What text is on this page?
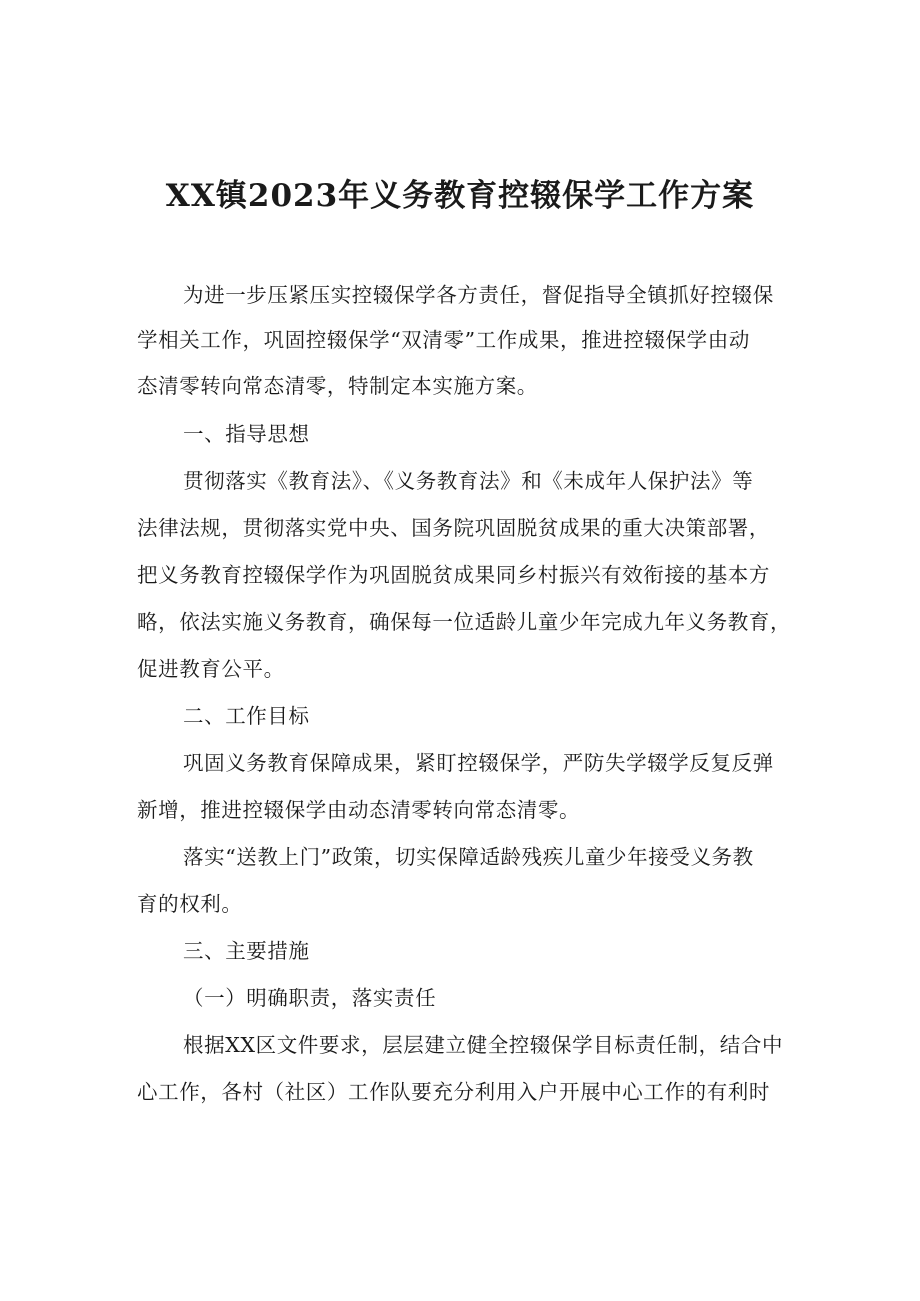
XX镇2023年义务教育控辍保学工作方案
为进一步压紧压实控辍保学各方责任，督促指导全镇抓好控辍保
学相关工作，巩固控辍保学“双清零”工作成果，推进控辍保学由动
态清零转向常态清零，特制定本实施方案。
一、指导思想
贯彻落实《教育法》、《义务教育法》和《未成年人保护法》等
法律法规，贯彻落实党中央、国务院巩固脱贫成果的重大决策部署，
把义务教育控辍保学作为巩固脱贫成果同乡村振兴有效衔接的基本方
略，依法实施义务教育，确保每一位适龄儿童少年完成九年义务教育，
促进教育公平。
二、工作目标
巩固义务教育保障成果，紧盯控辍保学，严防失学辍学反复反弹
新增，推进控辍保学由动态清零转向常态清零。
落实“送教上门”政策，切实保障适龄残疾儿童少年接受义务教
育的权利。
三、主要措施
（一）明确职责，落实责任
根据XX区文件要求，层层建立健全控辍保学目标责任制，结合中
心工作，各村（社区）工作队要充分利用入户开展中心工作的有利时
